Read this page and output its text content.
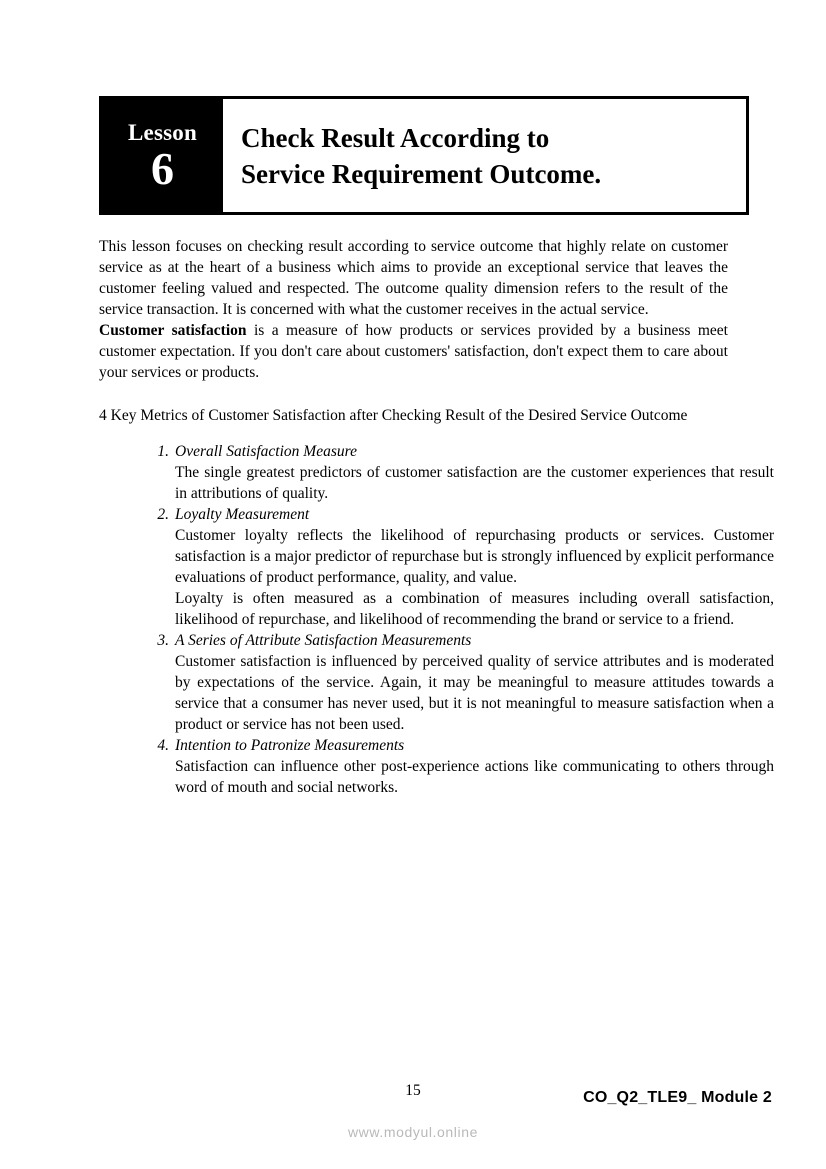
Lesson
6
Check Result According to
Service Requirement Outcome.

This lesson focuses on checking result according to service outcome that highly relate on customer service as at the heart of a business which aims to provide an exceptional service that leaves the customer feeling valued and respected. The outcome quality dimension refers to the result of the service transaction. It is concerned with what the customer receives in the actual service.

Customer satisfaction is a measure of how products or services provided by a business meet customer expectation. If you don't care about customers' satisfaction, don't expect them to care about your services or products.

4 Key Metrics of Customer Satisfaction after Checking Result of the Desired Service Outcome
1. Overall Satisfaction Measure

The single greatest predictors of customer satisfaction are the customer experiences that result in attributions of quality.

2. Loyalty Measurement

Customer loyalty reflects the likelihood of repurchasing products or services. Customer satisfaction is a major predictor of repurchase but is strongly influenced by explicit performance evaluations of product performance, quality, and value.

Loyalty is often measured as a combination of measures including overall satisfaction, likelihood of repurchase, and likelihood of recommending the brand or service to a friend.

3. A Series of Attribute Satisfaction Measurements

Customer satisfaction is influenced by perceived quality of service attributes and is moderated by expectations of the service. Again, it may be meaningful to measure attitudes towards a service that a consumer has never used, but it is not meaningful to measure satisfaction when a product or service has not been used.

4. Intention to Patronize Measurements

Satisfaction can influence other post-experience actions like communicating to others through word of mouth and social networks.

15	CO_Q2_TLE9_ Module 2
www.modyul.online
